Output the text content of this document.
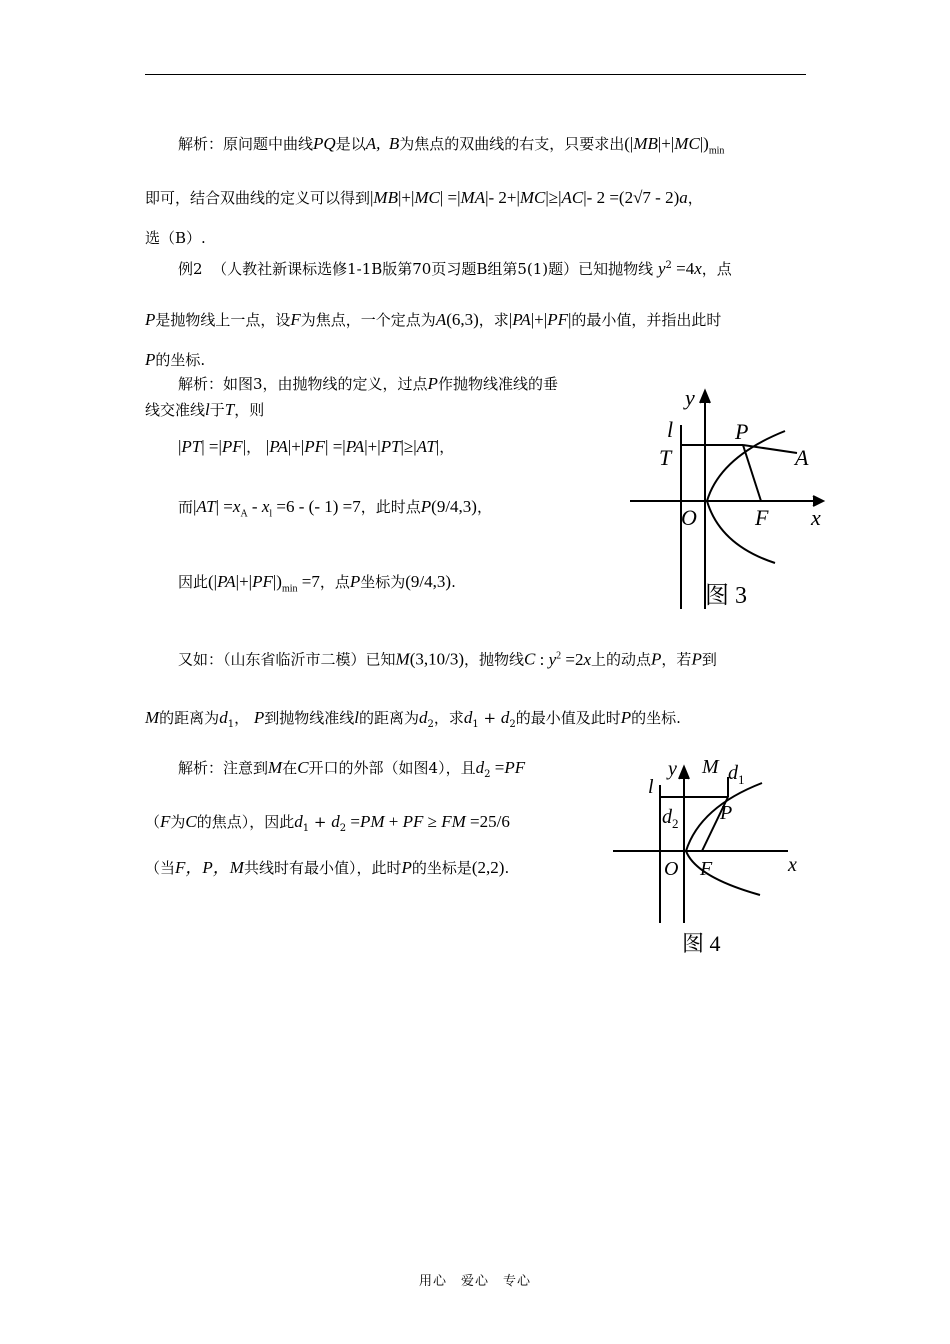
解析：原问题中曲线PQ是以A,  B为焦点的双曲线的右支，只要求出$(|MB|+|MC|)_{min}$
即可，结合双曲线的定义可以得到|MB|+|MC| =|MA|- 2+|MC|≥|AC|- 2 =(2√7 - 2)a，
选（B）.
例2  （人教社新课标选修1-1B版第70页习题B组第5(1)题）已知抛物线 $y^2 =4x$，点
P是抛物线上一点，设F为焦点，一个定点为A(6,3)，求|PA|+|PF|的最小值，并指出此时
P的坐标.
解析：如图3，由抛物线的定义，过点P作抛物线准线的垂
线交准线l于T，则
|PT| =|PF|， |PA|+|PF| =|PA|+|PT|≥|AT|，
而$|AT| =x_A - x_l =6$ - (- 1) =7，此时点P(9/4,3)，
因此$(|PA|+|PF|)_{min} =7$，点P坐标为(9/4,3).
又如：（山东省临沂市二模）已知M(3,10/3)，抛物线C : $y^2 =2x$上的动点P，若P到
M的距离为$d_1$， P到抛物线准线l的距离为$d_2$，求$d_1 + d_2$的最小值及此时P的坐标.
解析：注意到M在C开口的外部（如图4），且$d_2 =PF$
（F为C的焦点），因此$d_1 + d_2 =PM$ + PF ≥ FM =25/6
（当F，P，M共线时有最小值），此时P的坐标是(2,2).
y
l	P
T	A
O	F x
图 3
y M $d_1$
l
$d_2$ P
O F	x
图 4
用心　爱心　专心
